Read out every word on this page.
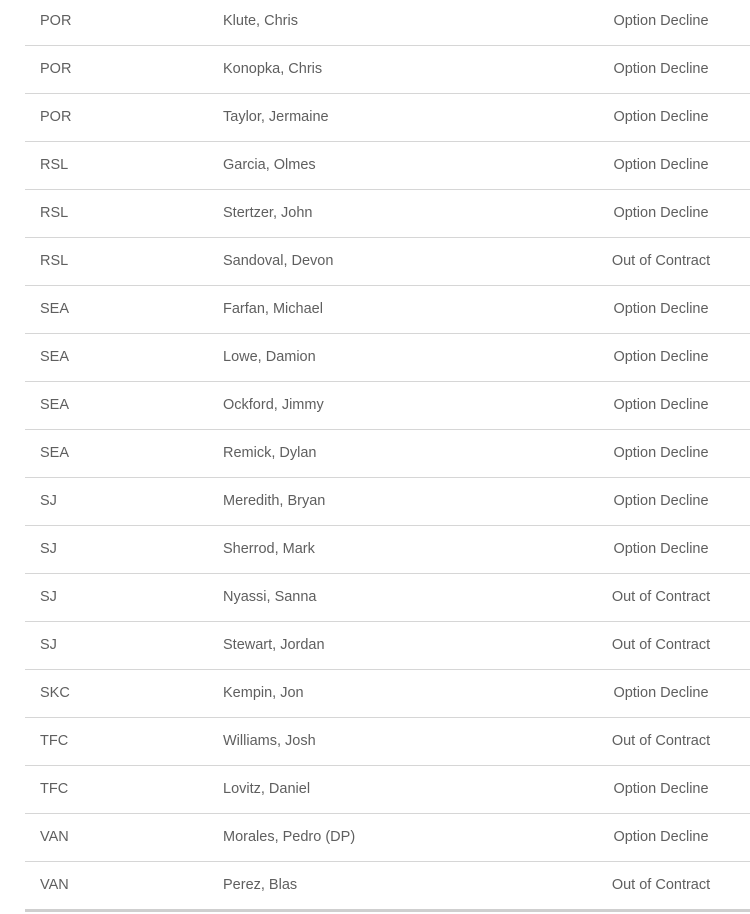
POR	Klute, Chris	Option Decline
POR	Konopka, Chris	Option Decline
POR	Taylor, Jermaine	Option Decline
RSL	Garcia, Olmes	Option Decline
RSL	Stertzer, John	Option Decline
RSL	Sandoval, Devon	Out of Contract
SEA	Farfan, Michael	Option Decline
SEA	Lowe, Damion	Option Decline
SEA	Ockford, Jimmy	Option Decline
SEA	Remick, Dylan	Option Decline
SJ	Meredith, Bryan	Option Decline
SJ	Sherrod, Mark	Option Decline
SJ	Nyassi, Sanna	Out of Contract
SJ	Stewart, Jordan	Out of Contract
SKC	Kempin, Jon	Option Decline
TFC	Williams, Josh	Out of Contract
TFC	Lovitz, Daniel	Option Decline
VAN	Morales, Pedro (DP)	Option Decline
VAN	Perez, Blas	Out of Contract
